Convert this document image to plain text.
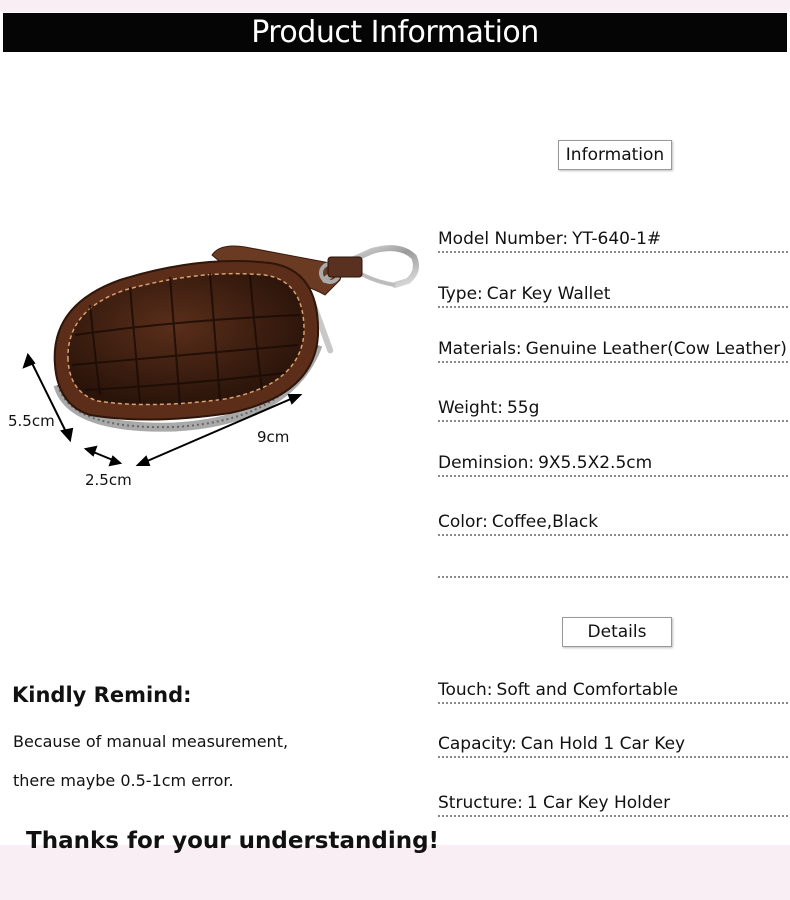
Product Information
5.5cm
9cm
2.5cm
Information
Model Number: YT-640-1#
Type: Car Key Wallet
Materials: Genuine Leather(Cow Leather)
Weight: 55g
Deminsion: 9X5.5X2.5cm
Color: Coffee,Black
Details
Touch: Soft and Comfortable
Capacity: Can Hold 1 Car Key
Structure: 1 Car Key Holder
Kindly Remind:
Because of manual measurement,
there maybe 0.5-1cm error.
Thanks for your understanding!
